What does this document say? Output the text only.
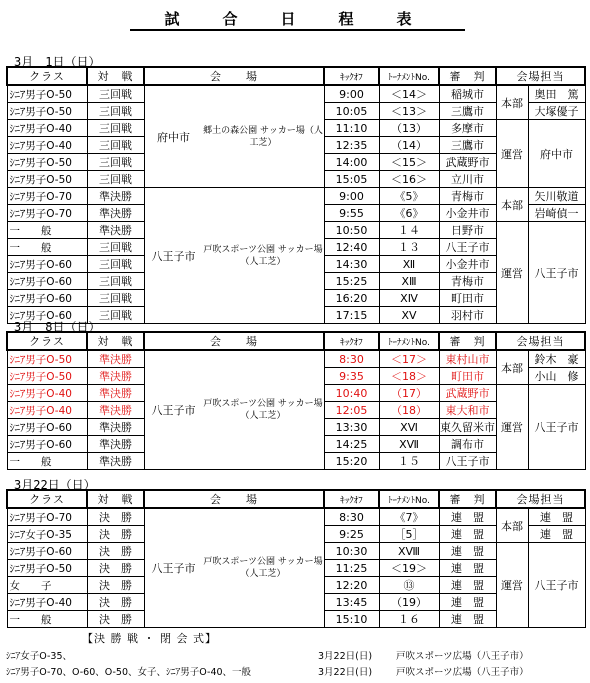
試　合　日　程　表
3月　1日（日）
クラス	対　戦	会　　場	ｷｯｸｵﾌ	ﾄｰﾅﾒﾝﾄNo.	審　判	会場担当	
ｼﾆｱ男子O-50	三回戦	府中市 郷土の森公園 サッカー場（人工芝）	9:00	＜14＞	稲城市	本部	奥田　篤
ｼﾆｱ男子O-50	三回戦		10:05	＜13＞	三鷹市		大塚優子
ｼﾆｱ男子O-40	三回戦		11:10	（13）	多摩市	運営	府中市
ｼﾆｱ男子O-40	三回戦		12:35	（14）	三鷹市		
ｼﾆｱ男子O-50	三回戦		14:00	＜15＞	武蔵野市		
ｼﾆｱ男子O-50	三回戦		15:05	＜16＞	立川市		
ｼﾆｱ男子O-70	準決勝	八王子市 戸吹スポーツ公園 サッカー場 （人工芝）	9:00	《5》	青梅市	本部	矢川敬道
ｼﾆｱ男子O-70	準決勝		9:55	《6》	小金井市		岩崎偵一
一　　般	準決勝		10:50	１４	日野市	運営	八王子市
一　　般	三回戦		12:40	１３	八王子市		
ｼﾆｱ男子O-60	三回戦		14:30	Ⅻ	小金井市		
ｼﾆｱ男子O-60	三回戦		15:25	ⅩⅢ	青梅市		
ｼﾆｱ男子O-60	三回戦		16:20	ⅩⅣ	町田市		
ｼﾆｱ男子O-60	三回戦		17:15	ⅩⅤ	羽村市		
3月　8日（日）
クラス	対　戦	会　　場	ｷｯｸｵﾌ	ﾄｰﾅﾒﾝﾄNo.	審　判	会場担当	
ｼﾆｱ男子O-50	準決勝	八王子市 戸吹スポーツ公園 サッカー場 （人工芝）	8:30	＜17＞	東村山市	本部	鈴木　豪
ｼﾆｱ男子O-50	準決勝		9:35	＜18＞	町田市		小山　修
ｼﾆｱ男子O-40	準決勝		10:40	（17）	武蔵野市	運営	八王子市
ｼﾆｱ男子O-40	準決勝		12:05	（18）	東大和市		
ｼﾆｱ男子O-60	準決勝		13:30	ⅩⅥ	東久留米市		
ｼﾆｱ男子O-60	準決勝		14:25	ⅩⅦ	調布市		
一　　般	準決勝		15:20	１５	八王子市		
3月22日（日）
クラス	対　戦	会　　場	ｷｯｸｵﾌ	ﾄｰﾅﾒﾝﾄNo.	審　判	会場担当	
ｼﾆｱ男子O-70	決　勝	八王子市 戸吹スポーツ公園 サッカー場 （人工芝）	8:30	《7》	連　盟	本部	連　盟
ｼﾆｱ女子O-35	決　勝		9:25	［5］	連　盟		連　盟
ｼﾆｱ男子O-60	決　勝		10:30	ⅩⅧ	連　盟	運営	八王子市
ｼﾆｱ男子O-50	決　勝		11:25	＜19＞	連　盟		
女　　子	決　勝		12:20	⑬	連　盟		
ｼﾆｱ男子O-40	決　勝		13:45	（19）	連　盟		
一　　般	決　勝		15:10	１６	連　盟		
【決 勝 戦 ・ 閉 会 式】
ｼﾆｱ女子O-35、	3月22日(日)	戸吹スポーツ広場（八王子市）
ｼﾆｱ男子O-70、O-60、O-50、女子、ｼﾆｱ男子O-40、一般	3月22日(日)	戸吹スポーツ広場（八王子市）
